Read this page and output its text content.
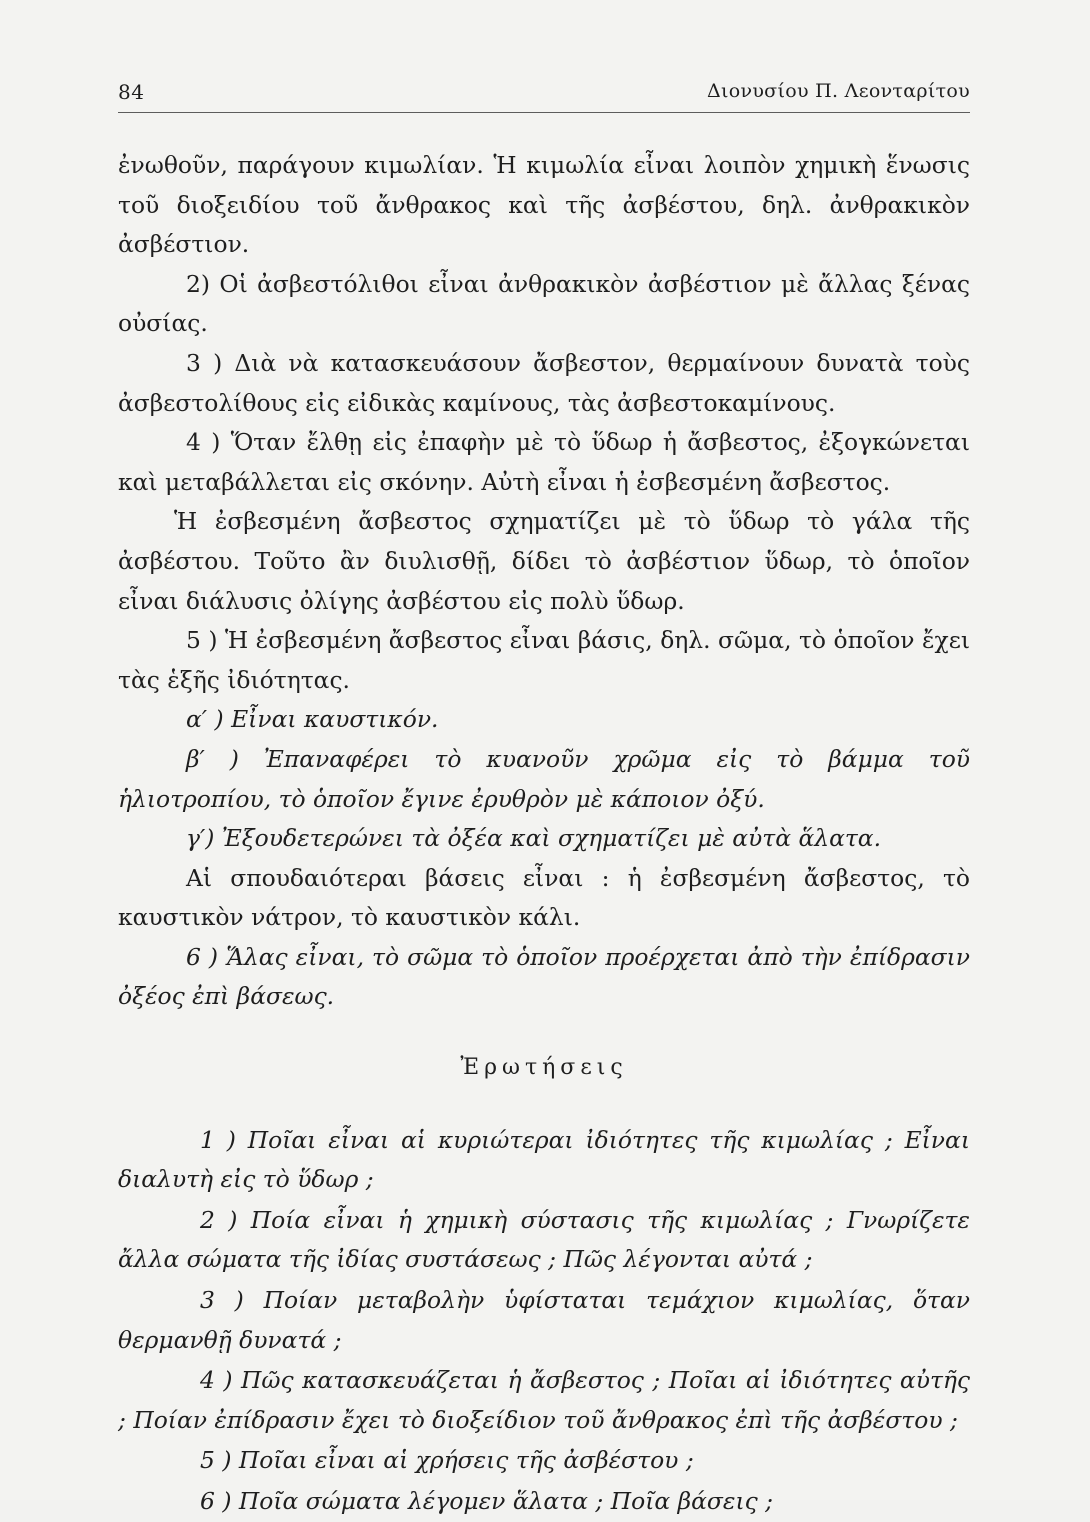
84	Διονυσίου Π. Λεονταρίτου

ἐνωθοῦν, παράγουν κιμωλίαν. Ἡ κιμωλία εἶναι λοιπὸν χημικὴ ἕνωσις τοῦ διοξειδίου τοῦ ἄνθρακος καὶ τῆς ἀσβέστου, δηλ. ἀνθρακικὸν ἀσβέστιον.

2) Οἱ ἀσβεστόλιθοι εἶναι ἀνθρακικὸν ἀσβέστιον μὲ ἄλλας ξένας οὐσίας.

3 ) Διὰ νὰ κατασκευάσουν ἄσβεστον, θερμαίνουν δυνατὰ τοὺς ἀσβεστολίθους εἰς εἰδικὰς καμίνους, τὰς ἀσβεστοκαμίνους.

4 ) Ὅταν ἔλθῃ εἰς ἐπαφὴν μὲ τὸ ὕδωρ ἡ ἄσβεστος, ἐξογκώνεται καὶ μεταβάλλεται εἰς σκόνην. Αὐτὴ εἶναι ἡ ἐσβεσμένη ἄσβεστος.

Ἡ ἐσβεσμένη ἄσβεστος σχηματίζει μὲ τὸ ὕδωρ τὸ γάλα τῆς ἀσβέστου. Τοῦτο ἂν διυλισθῇ, δίδει τὸ ἀσβέστιον ὕδωρ, τὸ ὁποῖον εἶναι διάλυσις ὀλίγης ἀσβέστου εἰς πολὺ ὕδωρ.

5 ) Ἡ ἐσβεσμένη ἄσβεστος εἶναι βάσις, δηλ. σῶμα, τὸ ὁποῖον ἔχει τὰς ἑξῆς ἰδιότητας.

α′ ) Εἶναι καυστικόν.

β′ ) Ἐπαναφέρει τὸ κυανοῦν χρῶμα εἰς τὸ βάμμα τοῦ ἡλιοτροπίου, τὸ ὁποῖον ἔγινε ἐρυθρὸν μὲ κάποιον ὀξύ.

γ′) Ἐξουδετερώνει τὰ ὀξέα καὶ σχηματίζει μὲ αὐτὰ ἅλατα.

Αἱ σπουδαιότεραι βάσεις εἶναι : ἡ ἐσβεσμένη ἄσβεστος, τὸ καυστικὸν νάτρον, τὸ καυστικὸν κάλι.

6 ) Ἅλας εἶναι, τὸ σῶμα τὸ ὁποῖον προέρχεται ἀπὸ τὴν ἐπίδρασιν ὀξέος ἐπὶ βάσεως.

Ἐρωτήσεις

1 ) Ποῖαι εἶναι αἱ κυριώτεραι ἰδιότητες τῆς κιμωλίας ; Εἶναι διαλυτὴ εἰς τὸ ὕδωρ ;

2 ) Ποία εἶναι ἡ χημικὴ σύστασις τῆς κιμωλίας ; Γνωρίζετε ἄλλα σώματα τῆς ἰδίας συστάσεως ; Πῶς λέγονται αὐτά ;

3 ) Ποίαν μεταβολὴν ὑφίσταται τεμάχιον κιμωλίας, ὅταν θερμανθῇ δυνατά ;

4 ) Πῶς κατασκευάζεται ἡ ἄσβεστος ; Ποῖαι αἱ ἰδιότητες αὐτῆς ; Ποίαν ἐπίδρασιν ἔχει τὸ διοξείδιον τοῦ ἄνθρακος ἐπὶ τῆς ἀσβέστου ;

5 ) Ποῖαι εἶναι αἱ χρήσεις τῆς ἀσβέστου ;

6 ) Ποῖα σώματα λέγομεν ἅλατα ; Ποῖα βάσεις ;
